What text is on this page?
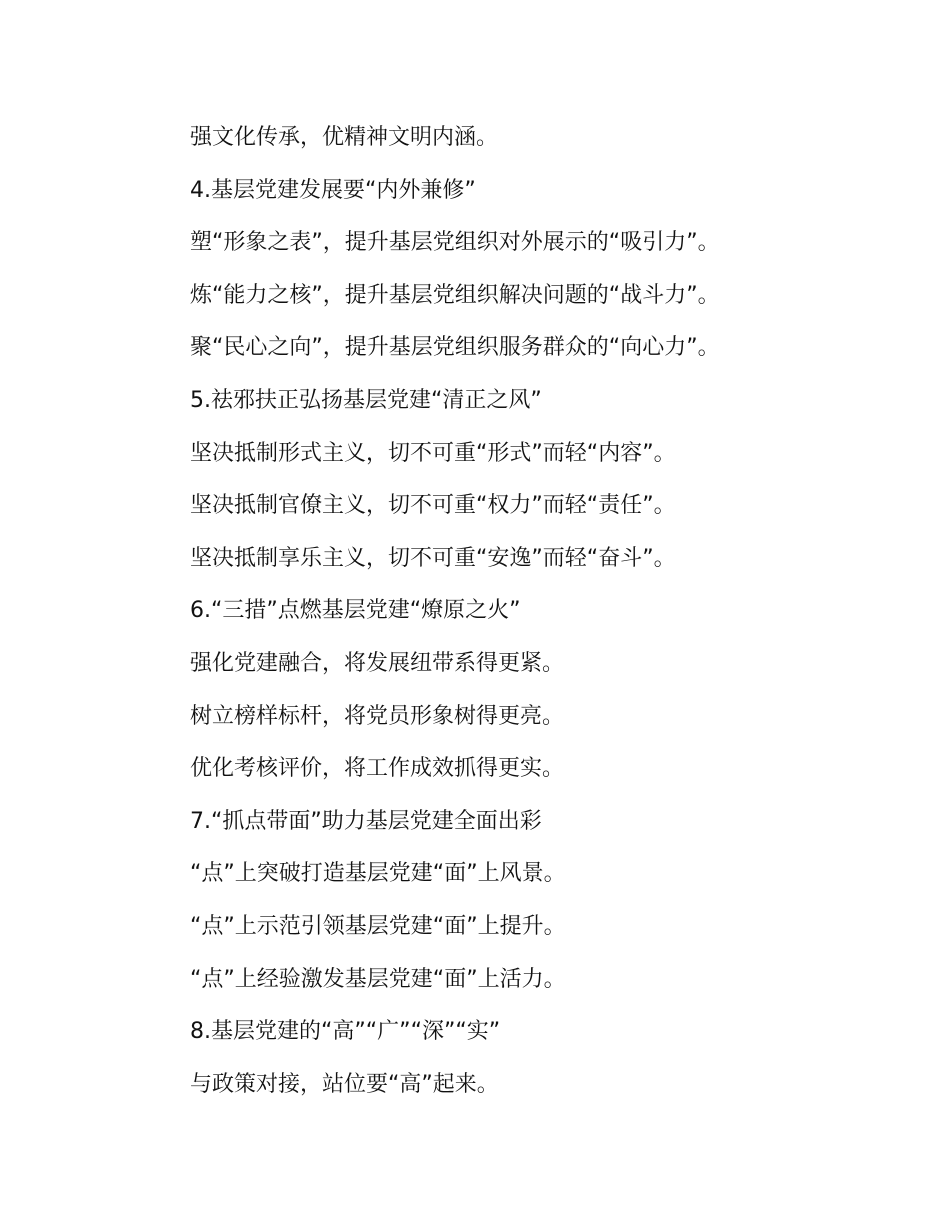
强文化传承，优精神文明内涵。
4.基层党建发展要“内外兼修”
塑“形象之表”，提升基层党组织对外展示的“吸引力”。
炼“能力之核”，提升基层党组织解决问题的“战斗力”。
聚“民心之向”，提升基层党组织服务群众的“向心力”。
5.祛邪扶正弘扬基层党建“清正之风”
坚决抵制形式主义，切不可重“形式”而轻“内容”。
坚决抵制官僚主义，切不可重“权力”而轻“责任”。
坚决抵制享乐主义，切不可重“安逸”而轻“奋斗”。
6.“三措”点燃基层党建“燎原之火”
强化党建融合，将发展纽带系得更紧。
树立榜样标杆，将党员形象树得更亮。
优化考核评价，将工作成效抓得更实。
7.“抓点带面”助力基层党建全面出彩
“点”上突破打造基层党建“面”上风景。
“点”上示范引领基层党建“面”上提升。
“点”上经验激发基层党建“面”上活力。
8.基层党建的“高”“广”“深”“实”
与政策对接，站位要“高”起来。
